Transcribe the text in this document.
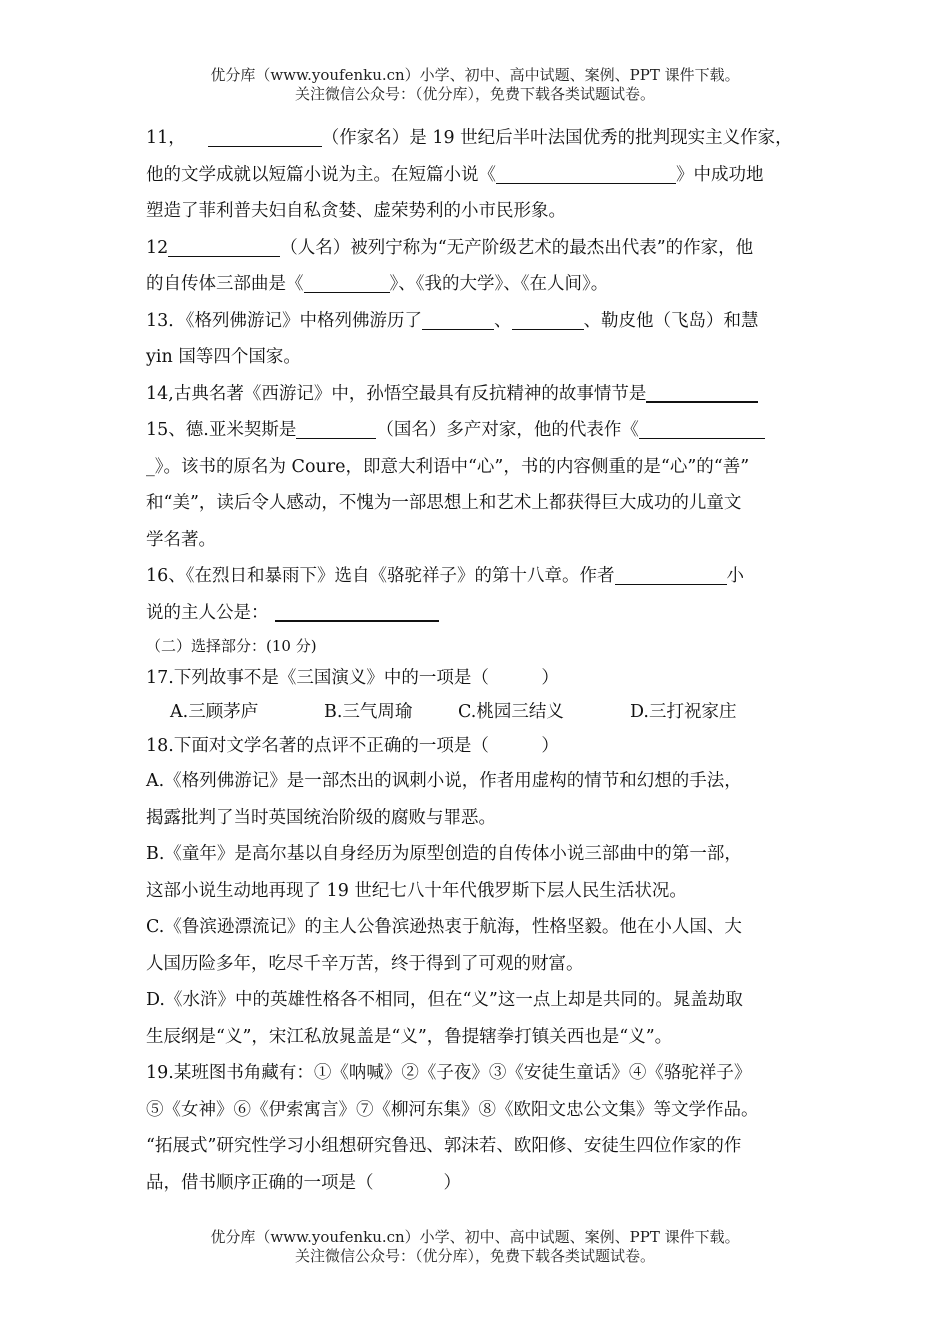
优分库（www.youfenku.cn）小学、初中、高中试题、案例、PPT 课件下载。
关注微信公众号：（优分库），免费下载各类试题试卷。
11，	（作家名）是 19 世纪后半叶法国优秀的批判现实主义作家，
他的文学成就以短篇小说为主。在短篇小说《	》中成功地
塑造了菲利普夫妇自私贪婪、虚荣势利的小市民形象。
12	（人名）被列宁称为“无产阶级艺术的最杰出代表”的作家，他
的自传体三部曲是《	》、《我的大学》、《在人间》。
13．《格列佛游记》中格列佛游历了	、	、勒皮他（飞岛）和慧
yin 国等四个国家。
14,古典名著《西游记》中，孙悟空最具有反抗精神的故事情节是
15、德.亚米契斯是	（国名）多产对家，他的代表作《
_》。该书的原名为 Coure，即意大利语中“心”，书的内容侧重的是“心”的“善”
和“美”，读后令人感动，不愧为一部思想上和艺术上都获得巨大成功的儿童文
学名著。
16、《在烈日和暴雨下》选自《骆驼祥子》的第十八章。作者	小
说的主人公是：
（二）选择部分：(10 分)
17.下列故事不是《三国演义》中的一项是（　　　）
A.三顾茅庐	B.三气周瑜	C.桃园三结义	D.三打祝家庄
18.下面对文学名著的点评不正确的一项是（　　　）
A.《格列佛游记》是一部杰出的讽刺小说，作者用虚构的情节和幻想的手法，
揭露批判了当时英国统治阶级的腐败与罪恶。
B.《童年》是高尔基以自身经历为原型创造的自传体小说三部曲中的第一部，
这部小说生动地再现了 19 世纪七八十年代俄罗斯下层人民生活状况。
C.《鲁滨逊漂流记》的主人公鲁滨逊热衷于航海，性格坚毅。他在小人国、大
人国历险多年，吃尽千辛万苦，终于得到了可观的财富。
D.《水浒》中的英雄性格各不相同，但在“义”这一点上却是共同的。晁盖劫取
生辰纲是“义”，宋江私放晁盖是“义”，鲁提辖拳打镇关西也是“义”。
19.某班图书角藏有：①《呐喊》②《子夜》③《安徒生童话》④《骆驼祥子》
⑤《女神》⑥《伊索寓言》⑦《柳河东集》⑧《欧阳文忠公文集》等文学作品。
“拓展式”研究性学习小组想研究鲁迅、郭沫若、欧阳修、安徒生四位作家的作
品，借书顺序正确的一项是（　　　　）
优分库（www.youfenku.cn）小学、初中、高中试题、案例、PPT 课件下载。
关注微信公众号：（优分库），免费下载各类试题试卷。
